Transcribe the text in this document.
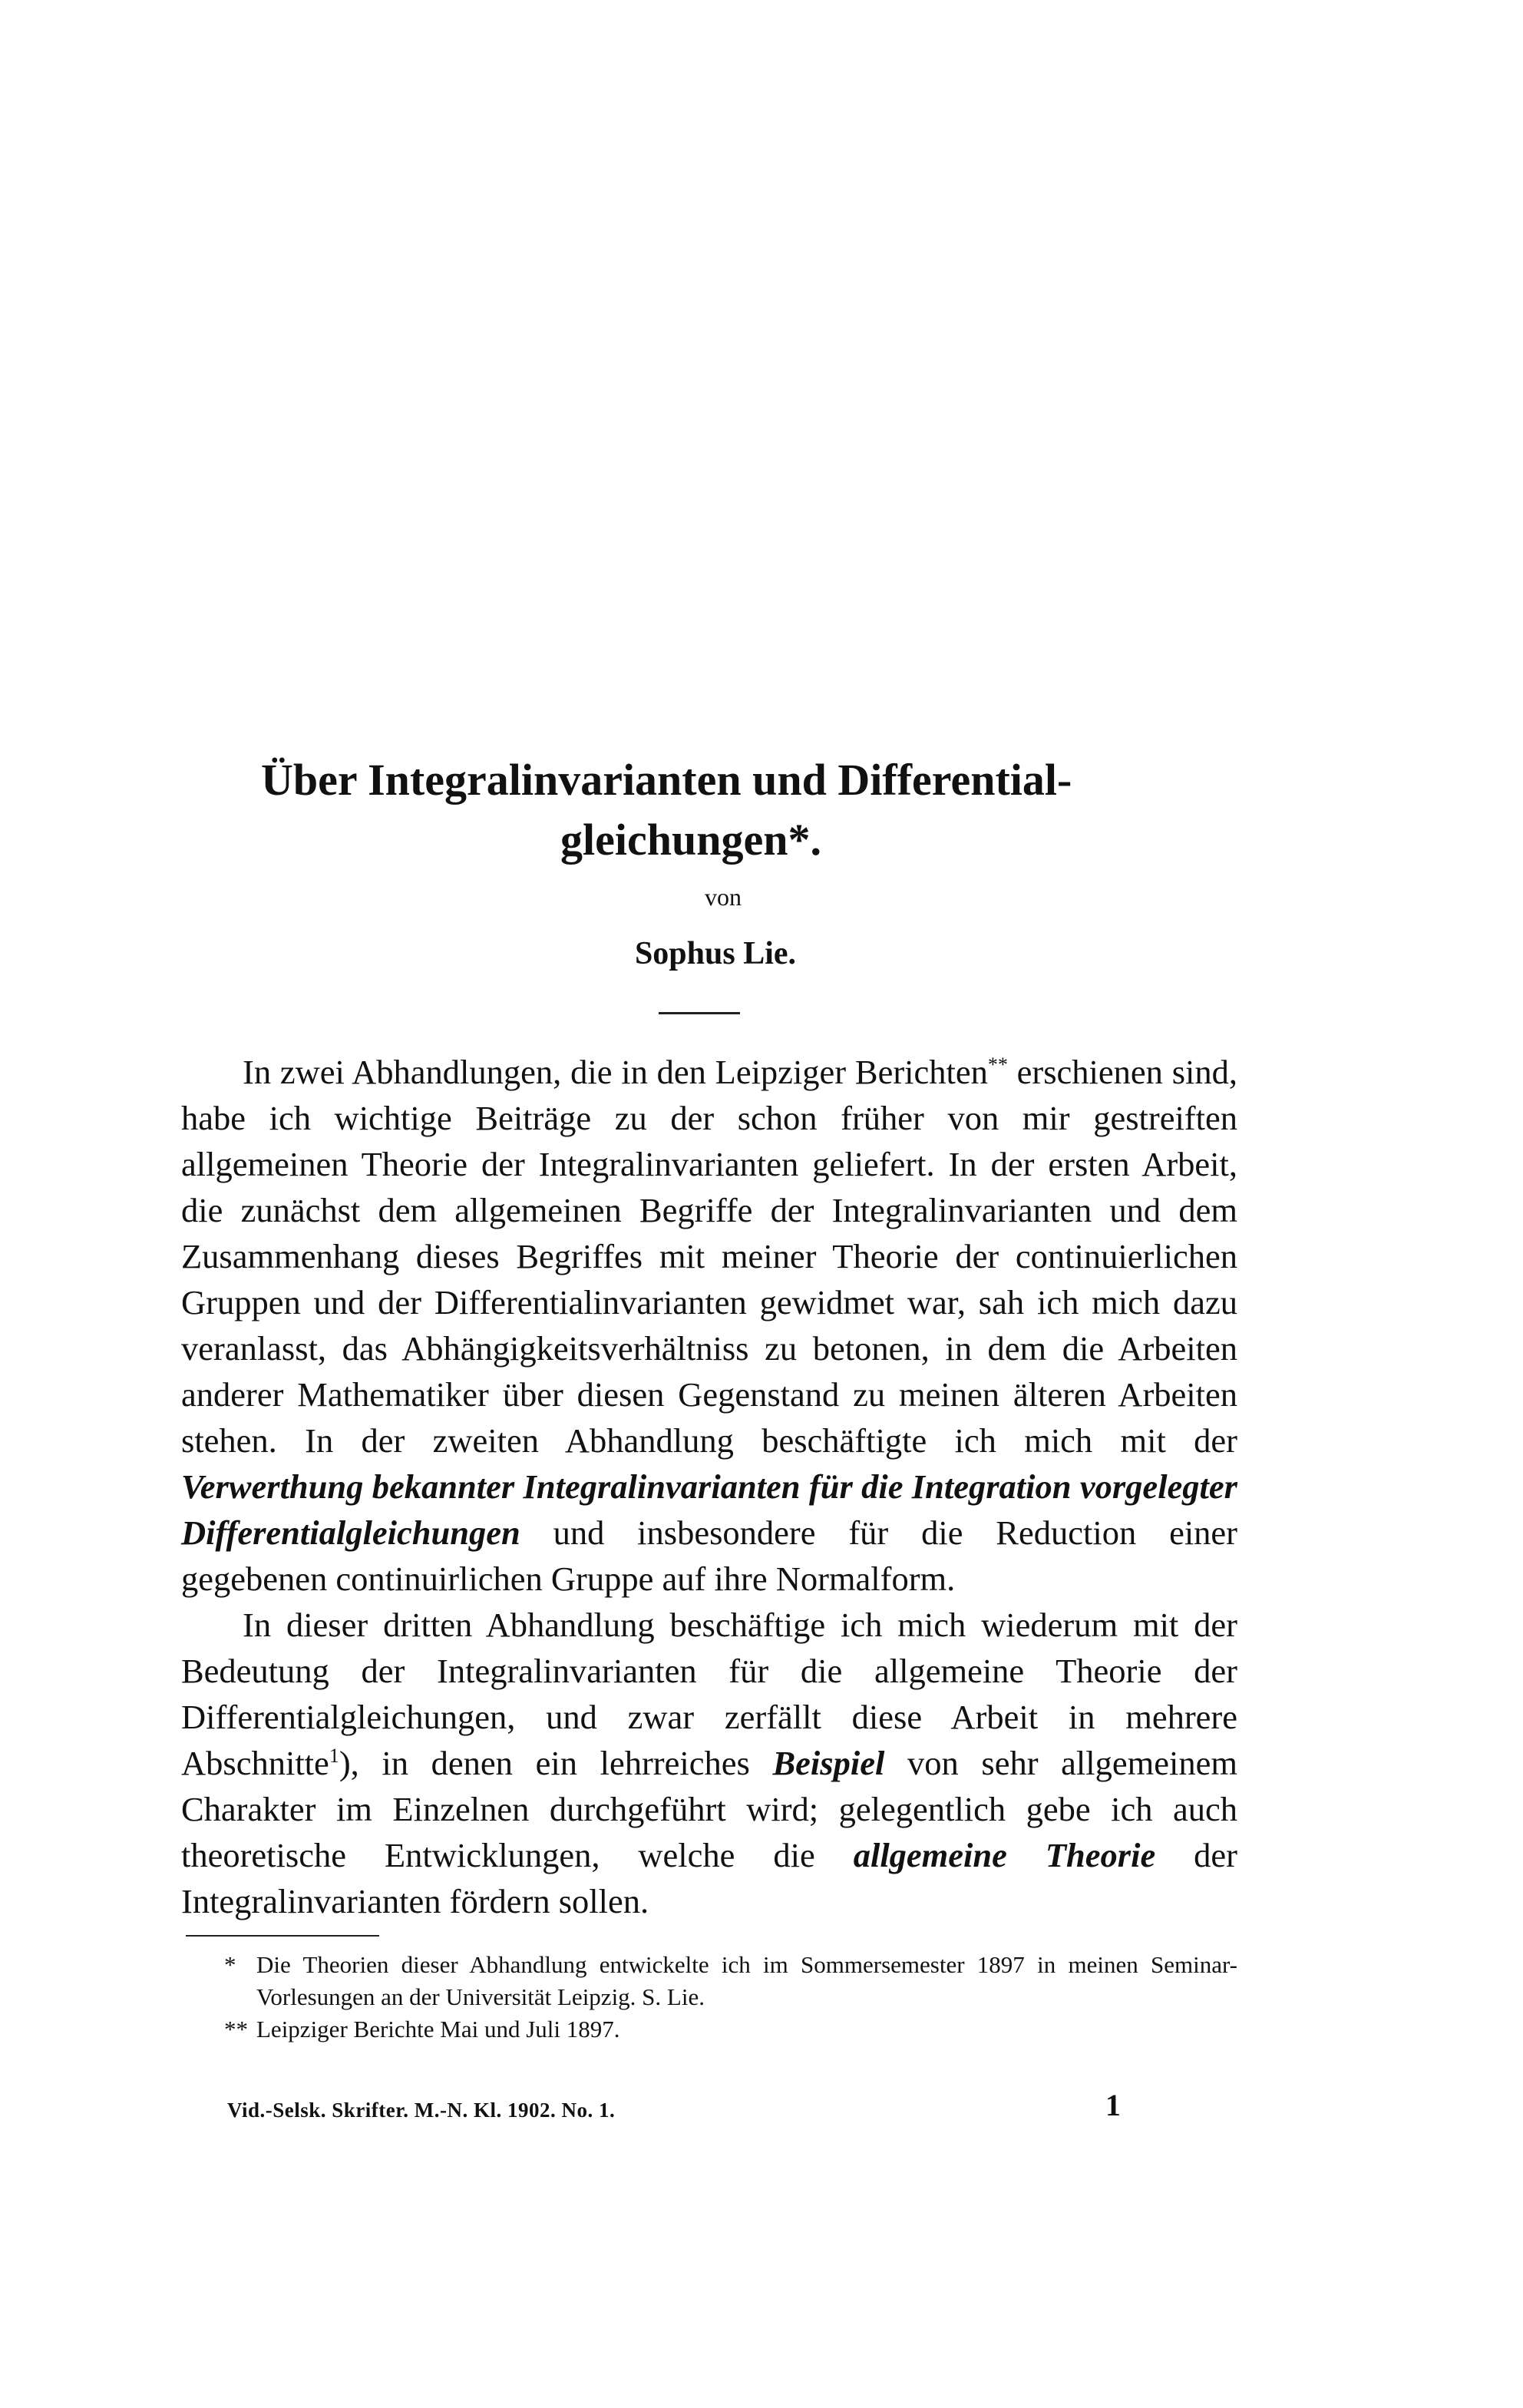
Über Integralinvarianten und Differential-
gleichungen*.
von
Sophus Lie.

In zwei Abhandlungen, die in den Leipziger Berichten** erschienen sind, habe ich wichtige Beiträge zu der schon früher von mir gestreiften allgemeinen Theorie der Integralinvarianten geliefert. In der ersten Arbeit, die zunächst dem allgemeinen Begriffe der Integralinvarianten und dem Zusammenhang dieses Begriffes mit meiner Theorie der continuierlichen Gruppen und der Differentialinvarianten gewidmet war, sah ich mich dazu veranlasst, das Abhängigkeitsverhältniss zu betonen, in dem die Arbeiten anderer Mathematiker über diesen Gegenstand zu meinen älteren Arbeiten stehen. In der zweiten Abhandlung beschäftigte ich mich mit der Verwerthung bekannter Integralinvarianten für die Integration vorgelegter Differentialgleichungen und insbesondere für die Reduction einer gegebenen continuirlichen Gruppe auf ihre Normalform.

In dieser dritten Abhandlung beschäftige ich mich wiederum mit der Bedeutung der Integralinvarianten für die allgemeine Theorie der Differentialgleichungen, und zwar zerfällt diese Arbeit in mehrere Abschnitte$^1$), in denen ein lehrreiches Beispiel von sehr allgemeinem Charakter im Einzelnen durchgeführt wird; gelegentlich gebe ich auch theoretische Entwicklungen, welche die allgemeine Theorie der Integralinvarianten fördern sollen.

* Die Theorien dieser Abhandlung entwickelte ich im Sommersemester 1897 in meinen Seminar-Vorlesungen an der Universität Leipzig. S. Lie.

** Leipziger Berichte Mai und Juli 1897.

Vid.-Selsk. Skrifter. M.-N. Kl. 1902. No. 1.	1
